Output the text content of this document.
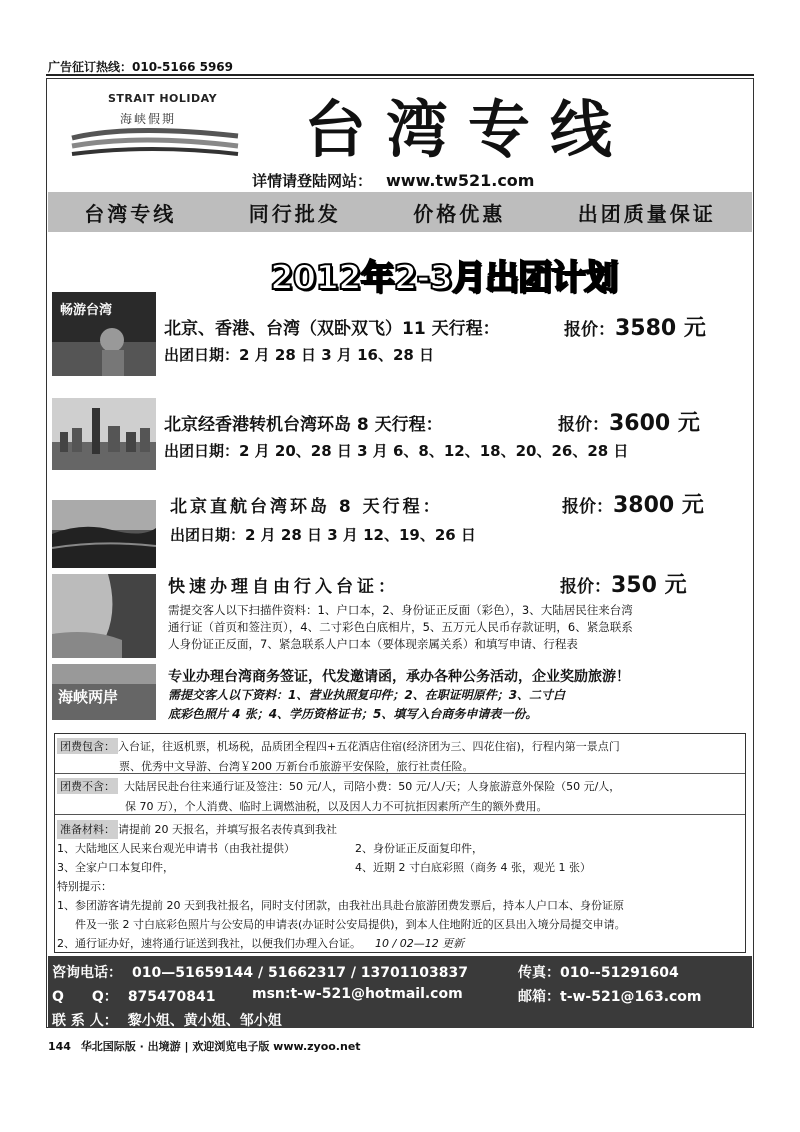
广告征订热线：010-5166 5969
STRAIT HOLIDAY
海峡假期 台湾专线
详情请登陆网站： www.tw521.com
台湾专线	同行批发	价格优惠	出团质量保证
2012年2-3月出团计划
畅游台湾
北京、香港、台湾（双卧双飞）11 天行程：	报价：3580 元
出团日期：2 月 28 日 3 月 16、28 日
北京经香港转机台湾环岛 8 天行程：	报价：3600 元
出团日期：2 月 20、28 日 3 月 6、8、12、18、20、26、28 日
北京直航台湾环岛 8 天行程：	报价：3800 元
出团日期：2 月 28 日 3 月 12、19、26 日
快速办理自由行入台证：	报价：350 元
需提交客人以下扫描件资料：1、户口本，2、身份证正反面（彩色），3、大陆居民往来台湾
通行证（首页和签注页），4、二寸彩色白底相片，5、五万元人民币存款证明，6、紧急联系
人身份证正反面，7、紧急联系人户口本（要体现亲属关系）和填写申请、行程表
海峡两岸
专业办理台湾商务签证，代发邀请函，承办各种公务活动，企业奖励旅游！
需提交客人以下资料：1、营业执照复印件；2、在职证明原件；3、二寸白
底彩色照片 4 张；4、学历资格证书；5、填写入台商务申请表一份。
团费包含： 入台证，往返机票，机场税，品质团全程四+五花酒店住宿(经济团为三、四花住宿)，行程内第一景点门
票、优秀中文导游、台湾￥200 万新台币旅游平安保险，旅行社责任险。
团费不含： 大陆居民赴台往来通行证及签注：50 元/人，司陪小费：50 元/人/天；人身旅游意外保险（50 元/人，
保 70 万），个人消费、临时上调燃油税，以及因人力不可抗拒因素所产生的额外费用。
准备材料： 请提前 20 天报名，并填写报名表传真到我社
1、大陆地区人民来台观光申请书（由我社提供）	2、身份证正反面复印件，
3、全家户口本复印件，	4、近期 2 寸白底彩照（商务 4 张，观光 1 张）
特别提示：
1、参团游客请先提前 20 天到我社报名，同时支付团款，由我社出具赴台旅游团费发票后，持本人户口本、身份证原
件及一张 2 寸白底彩色照片与公安局的申请表(办证时公安局提供)，到本人住地附近的区县出入境分局提交申请。
2、通行证办好，速将通行证送到我社，以便我们办理入台证。 10 / 02—12 更新
咨询电话： 010—51659144 / 51662317 / 13701103837	传真：010--51291604
Q　　Q： 875470841	msn:t-w-521@hotmail.com	邮箱：t-w-521@163.com
联 系 人： 黎小姐、黄小姐、邹小姐
144 华北国际版 · 出境游 | 欢迎浏览电子版 www.zyoo.net
